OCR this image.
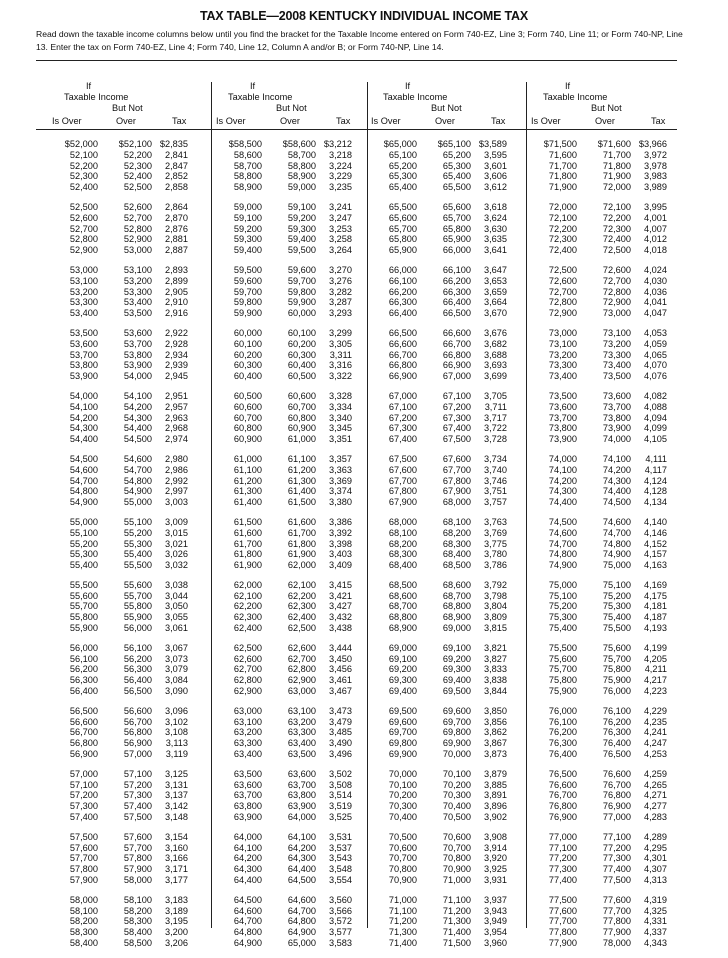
TAX TABLE—2008 KENTUCKY INDIVIDUAL INCOME TAX
Read down the taxable income columns below until you find the bracket for the Taxable Income entered on Form 740-EZ, Line 3; Form 740, Line 11; or Form 740-NP, Line 13. Enter the tax on Form 740-EZ, Line 4; Form 740, Line 12, Column A and/or B; or Form 740-NP, Line 14.
If
Taxable Income
But Not
Is Over	Over	Tax
$52,000	$52,100 $2,835
52,100	52,200	2,841
52,200	52,300	2,847
52,300	52,400	2,852
52,400	52,500	2,858
52,500	52,600	2,864
52,600	52,700	2,870
52,700	52,800	2,876
52,800	52,900	2,881
52,900	53,000	2,887
53,000	53,100	2,893
53,100	53,200	2,899
53,200	53,300	2,905
53,300	53,400	2,910
53,400	53,500	2,916
53,500	53,600	2,922
53,600	53,700	2,928
53,700	53,800	2,934
53,800	53,900	2,939
53,900	54,000	2,945
54,000	54,100	2,951
54,100	54,200	2,957
54,200	54,300	2,963
54,300	54,400	2,968
54,400	54,500	2,974
54,500	54,600	2,980
54,600	54,700	2,986
54,700	54,800	2,992
54,800	54,900	2,997
54,900	55,000	3,003
55,000	55,100	3,009
55,100	55,200	3,015
55,200	55,300	3,021
55,300	55,400	3,026
55,400	55,500	3,032
55,500	55,600	3,038
55,600	55,700	3,044
55,700	55,800	3,050
55,800	55,900	3,055
55,900	56,000	3,061
56,000	56,100	3,067
56,100	56,200	3,073
56,200	56,300	3,079
56,300	56,400	3,084
56,400	56,500	3,090
56,500	56,600	3,096
56,600	56,700	3,102
56,700	56,800	3,108
56,800	56,900	3,113
56,900	57,000	3,119
57,000	57,100	3,125
57,100	57,200	3,131
57,200	57,300	3,137
57,300	57,400	3,142
57,400	57,500	3,148
57,500	57,600	3,154
57,600	57,700	3,160
57,700	57,800	3,166
57,800	57,900	3,171
57,900	58,000	3,177
58,000	58,100	3,183
58,100	58,200	3,189
58,200	58,300	3,195
58,300	58,400	3,200
58,400	58,500	3,206
If
Taxable Income
But Not
Is Over	Over	Tax
$58,500	$58,600 $3,212
58,600	58,700	3,218
58,700	58,800	3,224
58,800	58,900	3,229
58,900	59,000	3,235
59,000	59,100	3,241
59,100	59,200	3,247
59,200	59,300	3,253
59,300	59,400	3,258
59,400	59,500	3,264
59,500	59,600	3,270
59,600	59,700	3,276
59,700	59,800	3,282
59,800	59,900	3,287
59,900	60,000	3,293
60,000	60,100	3,299
60,100	60,200	3,305
60,200	60,300	3,311
60,300	60,400	3,316
60,400	60,500	3,322
60,500	60,600	3,328
60,600	60,700	3,334
60,700	60,800	3,340
60,800	60,900	3,345
60,900	61,000	3,351
61,000	61,100	3,357
61,100	61,200	3,363
61,200	61,300	3,369
61,300	61,400	3,374
61,400	61,500	3,380
61,500	61,600	3,386
61,600	61,700	3,392
61,700	61,800	3,398
61,800	61,900	3,403
61,900	62,000	3,409
62,000	62,100	3,415
62,100	62,200	3,421
62,200	62,300	3,427
62,300	62,400	3,432
62,400	62,500	3,438
62,500	62,600	3,444
62,600	62,700	3,450
62,700	62,800	3,456
62,800	62,900	3,461
62,900	63,000	3,467
63,000	63,100	3,473
63,100	63,200	3,479
63,200	63,300	3,485
63,300	63,400	3,490
63,400	63,500	3,496
63,500	63,600	3,502
63,600	63,700	3,508
63,700	63,800	3,514
63,800	63,900	3,519
63,900	64,000	3,525
64,000	64,100	3,531
64,100	64,200	3,537
64,200	64,300	3,543
64,300	64,400	3,548
64,400	64,500	3,554
64,500	64,600	3,560
64,600	64,700	3,566
64,700	64,800	3,572
64,800	64,900	3,577
64,900	65,000	3,583
If
Taxable Income
But Not
Is Over	Over	Tax
$65,000	$65,100 $3,589
65,100	65,200	3,595
65,200	65,300	3,601
65,300	65,400	3,606
65,400	65,500	3,612
65,500	65,600	3,618
65,600	65,700	3,624
65,700	65,800	3,630
65,800	65,900	3,635
65,900	66,000	3,641
66,000	66,100	3,647
66,100	66,200	3,653
66,200	66,300	3,659
66,300	66,400	3,664
66,400	66,500	3,670
66,500	66,600	3,676
66,600	66,700	3,682
66,700	66,800	3,688
66,800	66,900	3,693
66,900	67,000	3,699
67,000	67,100	3,705
67,100	67,200	3,711
67,200	67,300	3,717
67,300	67,400	3,722
67,400	67,500	3,728
67,500	67,600	3,734
67,600	67,700	3,740
67,700	67,800	3,746
67,800	67,900	3,751
67,900	68,000	3,757
68,000	68,100	3,763
68,100	68,200	3,769
68,200	68,300	3,775
68,300	68,400	3,780
68,400	68,500	3,786
68,500	68,600	3,792
68,600	68,700	3,798
68,700	68,800	3,804
68,800	68,900	3,809
68,900	69,000	3,815
69,000	69,100	3,821
69,100	69,200	3,827
69,200	69,300	3,833
69,300	69,400	3,838
69,400	69,500	3,844
69,500	69,600	3,850
69,600	69,700	3,856
69,700	69,800	3,862
69,800	69,900	3,867
69,900	70,000	3,873
70,000	70,100	3,879
70,100	70,200	3,885
70,200	70,300	3,891
70,300	70,400	3,896
70,400	70,500	3,902
70,500	70,600	3,908
70,600	70,700	3,914
70,700	70,800	3,920
70,800	70,900	3,925
70,900	71,000	3,931
71,000	71,100	3,937
71,100	71,200	3,943
71,200	71,300	3,949
71,300	71,400	3,954
71,400	71,500	3,960
If
Taxable Income
But Not
Is Over	Over	Tax
$71,500	$71,600 $3,966
71,600	71,700	3,972
71,700	71,800	3,978
71,800	71,900	3,983
71,900	72,000	3,989
72,000	72,100	3,995
72,100	72,200	4,001
72,200	72,300	4,007
72,300	72,400	4,012
72,400	72,500	4,018
72,500	72,600	4,024
72,600	72,700	4,030
72,700	72,800	4,036
72,800	72,900	4,041
72,900	73,000	4,047
73,000	73,100	4,053
73,100	73,200	4,059
73,200	73,300	4,065
73,300	73,400	4,070
73,400	73,500	4,076
73,500	73,600	4,082
73,600	73,700	4,088
73,700	73,800	4,094
73,800	73,900	4,099
73,900	74,000	4,105
74,000	74,100	4,111
74,100	74,200	4,117
74,200	74,300	4,124
74,300	74,400	4,128
74,400	74,500	4,134
74,500	74,600	4,140
74,600	74,700	4,146
74,700	74,800	4,152
74,800	74,900	4,157
74,900	75,000	4,163
75,000	75,100	4,169
75,100	75,200	4,175
75,200	75,300	4,181
75,300	75,400	4,187
75,400	75,500	4,193
75,500	75,600	4,199
75,600	75,700	4,205
75,700	75,800	4,211
75,800	75,900	4,217
75,900	76,000	4,223
76,000	76,100	4,229
76,100	76,200	4,235
76,200	76,300	4,241
76,300	76,400	4,247
76,400	76,500	4,253
76,500	76,600	4,259
76,600	76,700	4,265
76,700	76,800	4,271
76,800	76,900	4,277
76,900	77,000	4,283
77,000	77,100	4,289
77,100	77,200	4,295
77,200	77,300	4,301
77,300	77,400	4,307
77,400	77,500	4,313
77,500	77,600	4,319
77,600	77,700	4,325
77,700	77,800	4,331
77,800	77,900	4,337
77,900	78,000	4,343
